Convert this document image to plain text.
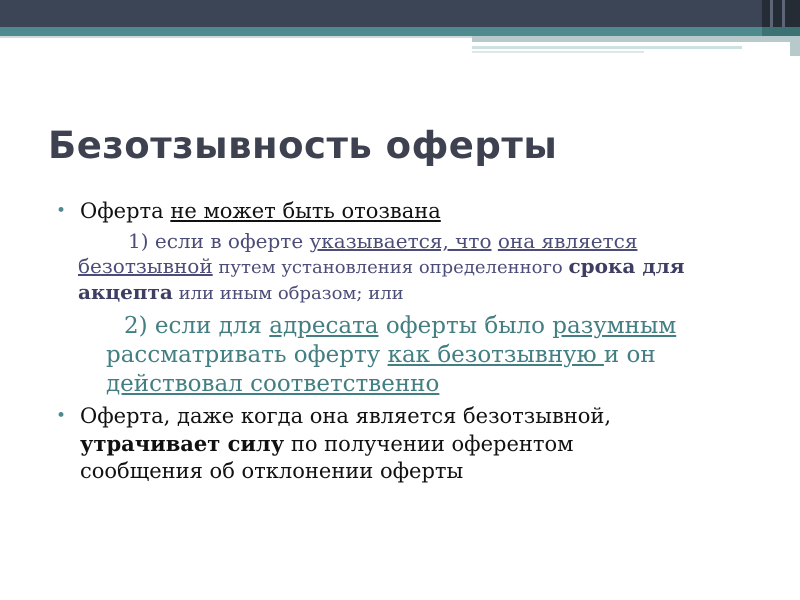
Безотзывность оферты
• Оферта не может быть отозвана
1) если в оферте указывается, что она являетсябезотзывной путем установления определенного срока для акцепта или иным образом; или
2) если для адресата оферты было разумным рассматривать оферту как безотзывную и он действовал соответственно
• Оферта, даже когда она является безотзывной, утрачивает силу по получении оферентом сообщения об отклонении оферты
